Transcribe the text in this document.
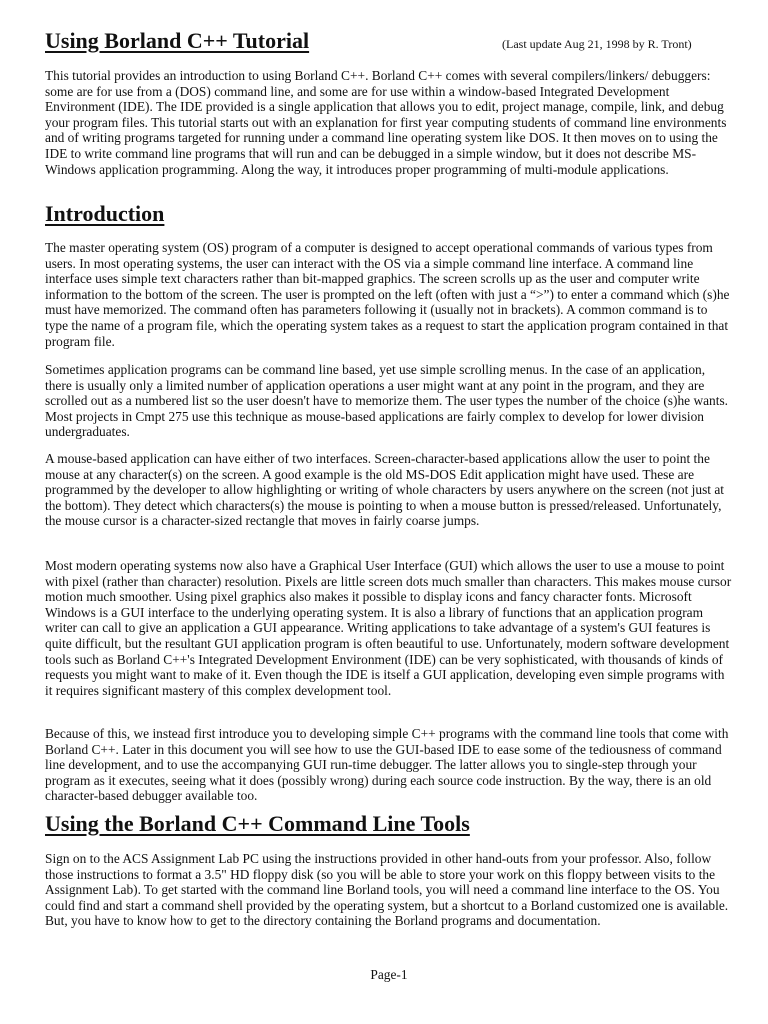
Using Borland C++ Tutorial	(Last update Aug 21, 1998 by R. Tront)

This tutorial provides an introduction to using Borland C++. Borland C++ comes with several compilers/linkers/ debuggers: some are for use from a (DOS) command line, and some are for use within a window-based Integrated Development Environment (IDE). The IDE provided is a single application that allows you to edit, project manage, compile, link, and debug your program files. This tutorial starts out with an explanation for first year computing students of command line environments and of writing programs targeted for running under a command line operating system like DOS. It then moves on to using the IDE to write command line programs that will run and can be debugged in a simple window, but it does not describe MS-Windows application programming. Along the way, it introduces proper programming of multi-module applications.

Introduction

The master operating system (OS) program of a computer is designed to accept operational commands of various types from users. In most operating systems, the user can interact with the OS via a simple command line interface. A command line interface uses simple text characters rather than bit-mapped graphics. The screen scrolls up as the user and computer write information to the bottom of the screen. The user is prompted on the left (often with just a “>”) to enter a command which (s)he must have memorized. The command often has parameters following it (usually not in brackets). A common command is to type the name of a program file, which the operating system takes as a request to start the application program contained in that program file.

Sometimes application programs can be command line based, yet use simple scrolling menus. In the case of an application, there is usually only a limited number of application operations a user might want at any point in the program, and they are scrolled out as a numbered list so the user doesn't have to memorize them. The user types the number of the choice (s)he wants. Most projects in Cmpt 275 use this technique as mouse-based applications are fairly complex to develop for lower division undergraduates.

A mouse-based application can have either of two interfaces. Screen-character-based applications allow the user to point the mouse at any character(s) on the screen. A good example is the old MS-DOS Edit application might have used. These are programmed by the developer to allow highlighting or writing of whole characters by users anywhere on the screen (not just at the bottom). They detect which characters(s) the mouse is pointing to when a mouse button is pressed/released. Unfortunately, the mouse cursor is a character-sized rectangle that moves in fairly coarse jumps.

Most modern operating systems now also have a Graphical User Interface (GUI) which allows the user to use a mouse to point with pixel (rather than character) resolution. Pixels are little screen dots much smaller than characters. This makes mouse cursor motion much smoother. Using pixel graphics also makes it possible to display icons and fancy character fonts. Microsoft Windows is a GUI interface to the underlying operating system. It is also a library of functions that an application program writer can call to give an application a GUI appearance. Writing applications to take advantage of a system's GUI features is quite difficult, but the resultant GUI application program is often beautiful to use. Unfortunately, modern software development tools such as Borland C++'s Integrated Development Environment (IDE) can be very sophisticated, with thousands of kinds of requests you might want to make of it. Even though the IDE is itself a GUI application, developing even simple programs with it requires significant mastery of this complex development tool.

Because of this, we instead first introduce you to developing simple C++ programs with the command line tools that come with Borland C++. Later in this document you will see how to use the GUI-based IDE to ease some of the tediousness of command line development, and to use the accompanying GUI run-time debugger. The latter allows you to single-step through your program as it executes, seeing what it does (possibly wrong) during each source code instruction. By the way, there is an old character-based debugger available too.

Using the Borland C++ Command Line Tools

Sign on to the ACS Assignment Lab PC using the instructions provided in other hand-outs from your professor. Also, follow those instructions to format a 3.5" HD floppy disk (so you will be able to store your work on this floppy between visits to the Assignment Lab). To get started with the command line Borland tools, you will need a command line interface to the OS. You could find and start a command shell provided by the operating system, but a shortcut to a Borland customized one is available. But, you have to know how to get to the directory containing the Borland programs and documentation.

Page-1
